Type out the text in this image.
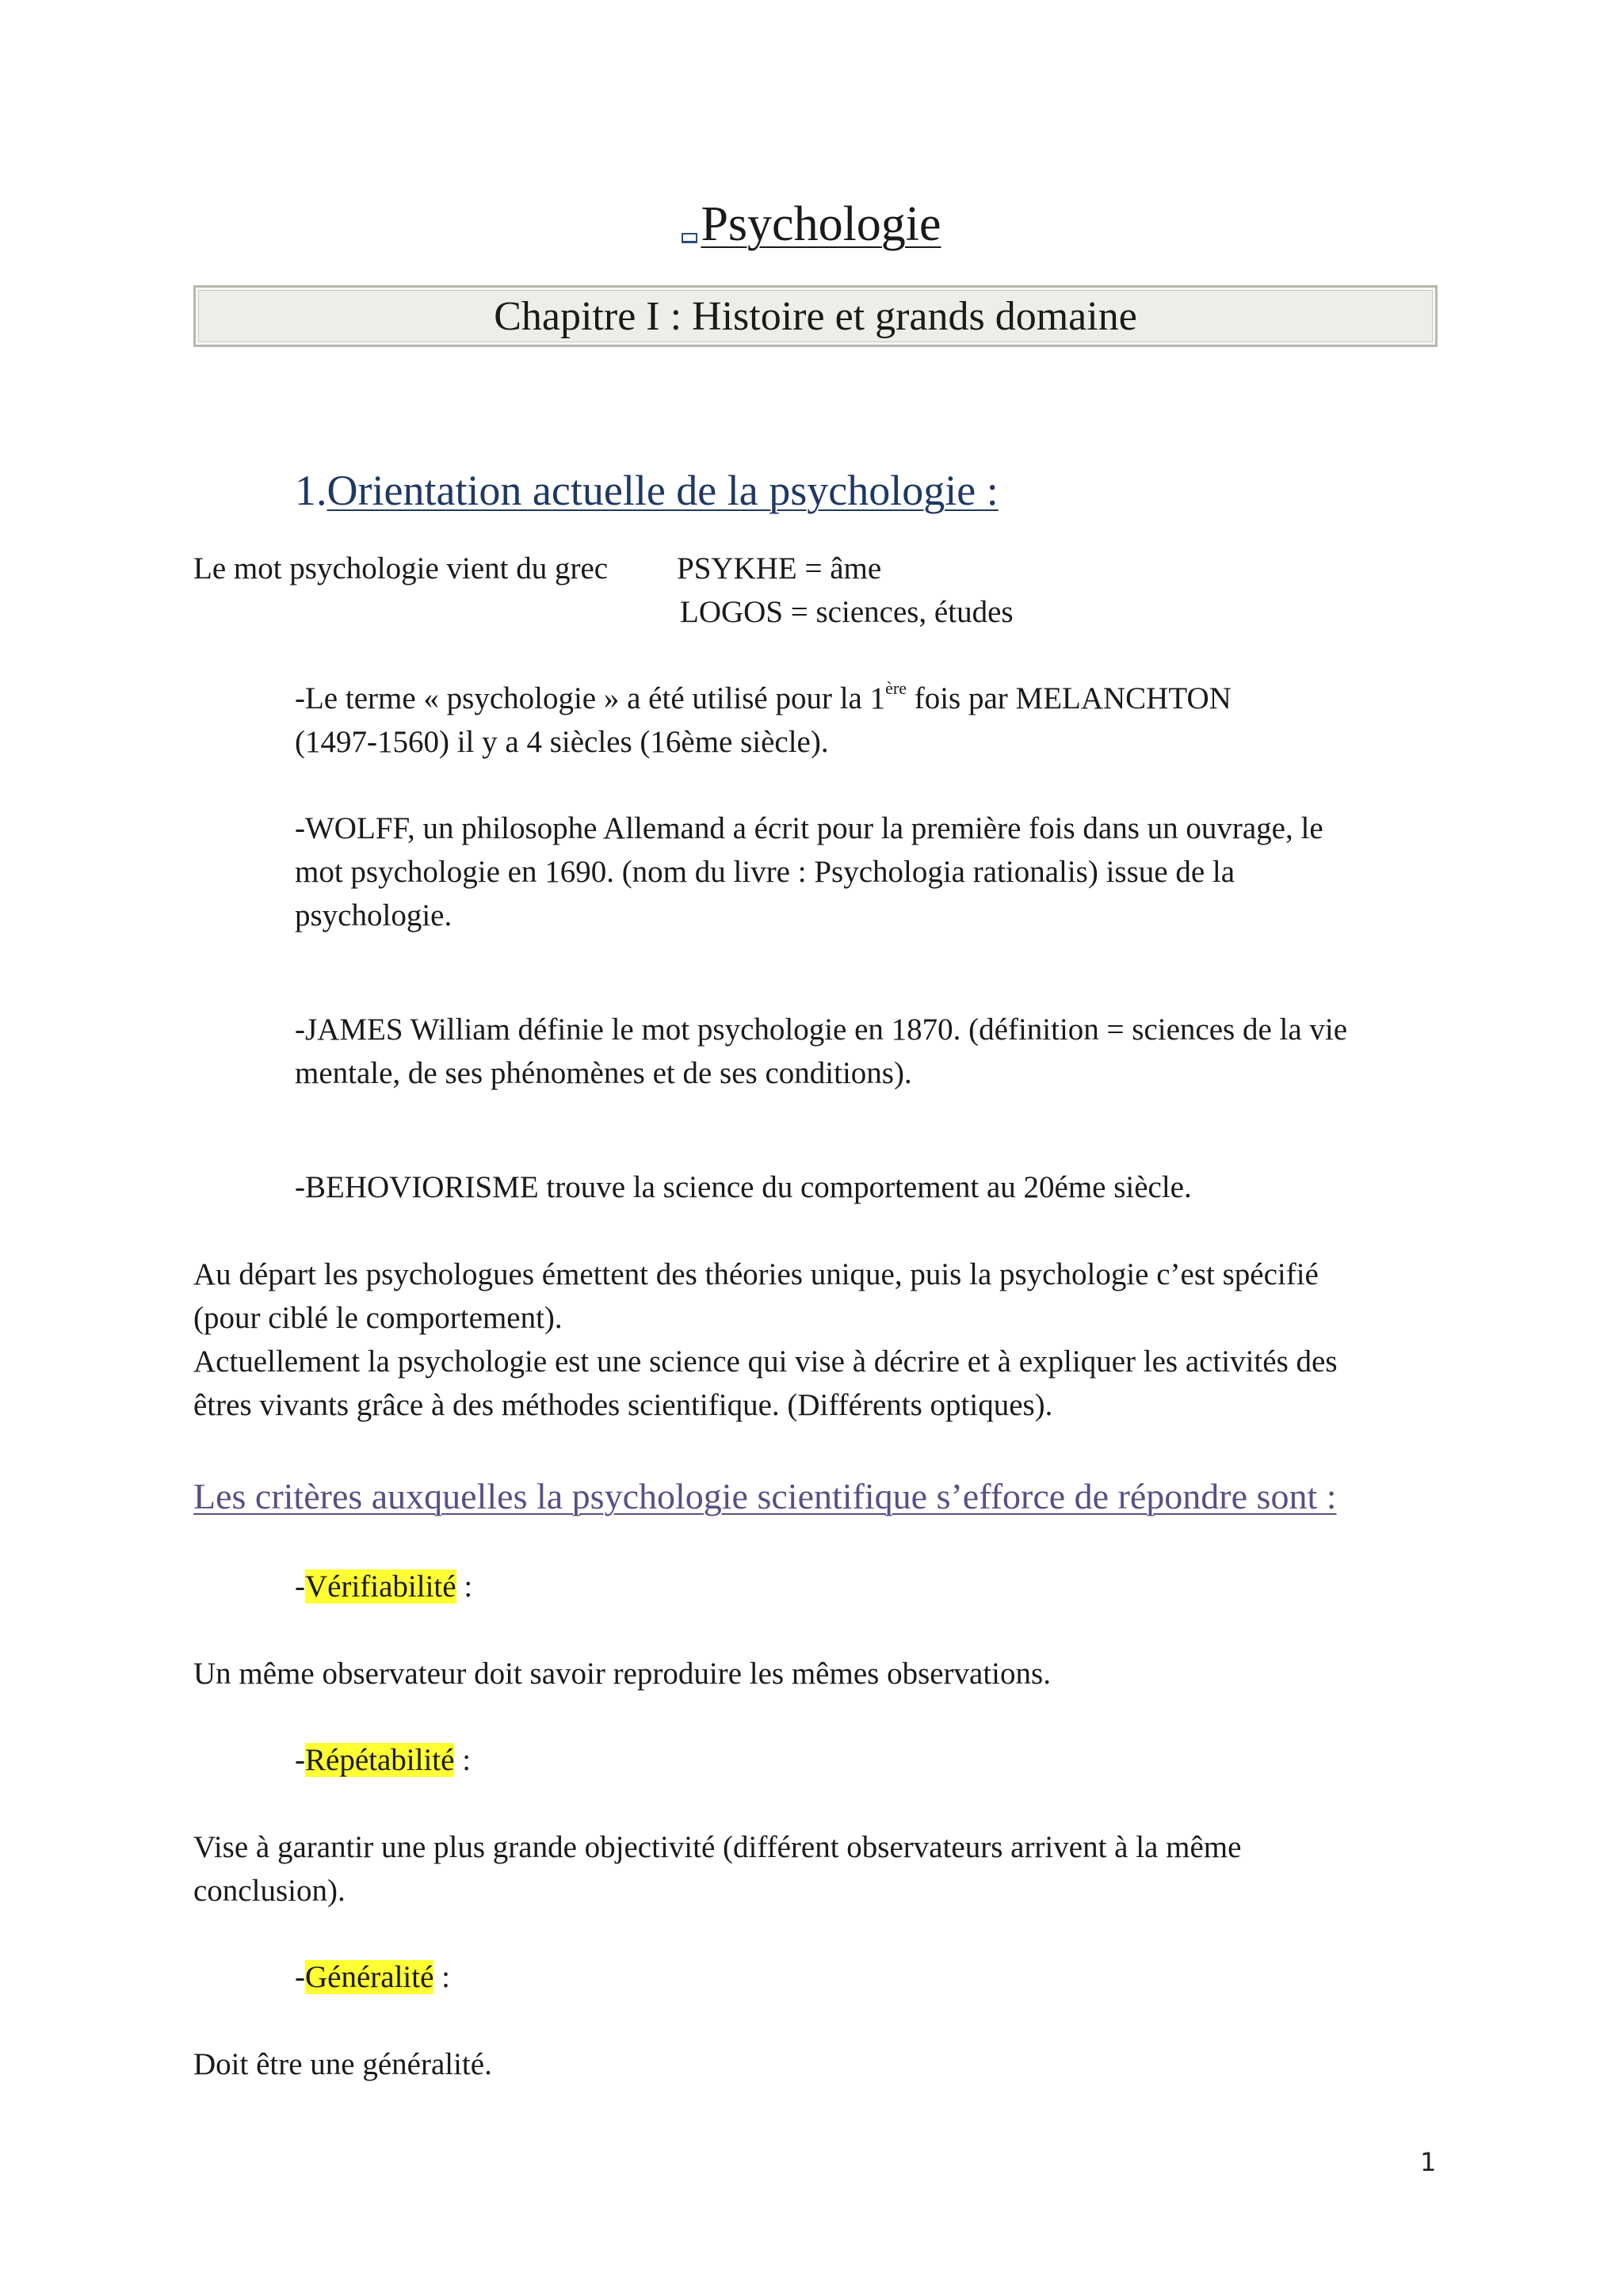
Psychologie
Chapitre I : Histoire et grands domaine
1.Orientation actuelle de la psychologie :
Le mot psychologie vient du grec PSYKHE = âme
LOGOS = sciences, études
-Le terme « psychologie » a été utilisé pour la 1ère fois par MELANCHTON
(1497-1560) il y a 4 siècles (16ème siècle).
-WOLFF, un philosophe Allemand a écrit pour la première fois dans un ouvrage, le
mot psychologie en 1690. (nom du livre : Psychologia rationalis) issue de la
psychologie.
-JAMES William définie le mot psychologie en 1870. (définition = sciences de la vie
mentale, de ses phénomènes et de ses conditions).
-BEHOVIORISME trouve la science du comportement au 20éme siècle.
Au départ les psychologues émettent des théories unique, puis la psychologie c’est spécifié
(pour ciblé le comportement).
Actuellement la psychologie est une science qui vise à décrire et à expliquer les activités des
êtres vivants grâce à des méthodes scientifique. (Différents optiques).
Les critères auxquelles la psychologie scientifique s’efforce de répondre sont :
-Vérifiabilité :
Un même observateur doit savoir reproduire les mêmes observations.
-Répétabilité :
Vise à garantir une plus grande objectivité (différent observateurs arrivent à la même
conclusion).
-Généralité :
Doit être une généralité.
1
